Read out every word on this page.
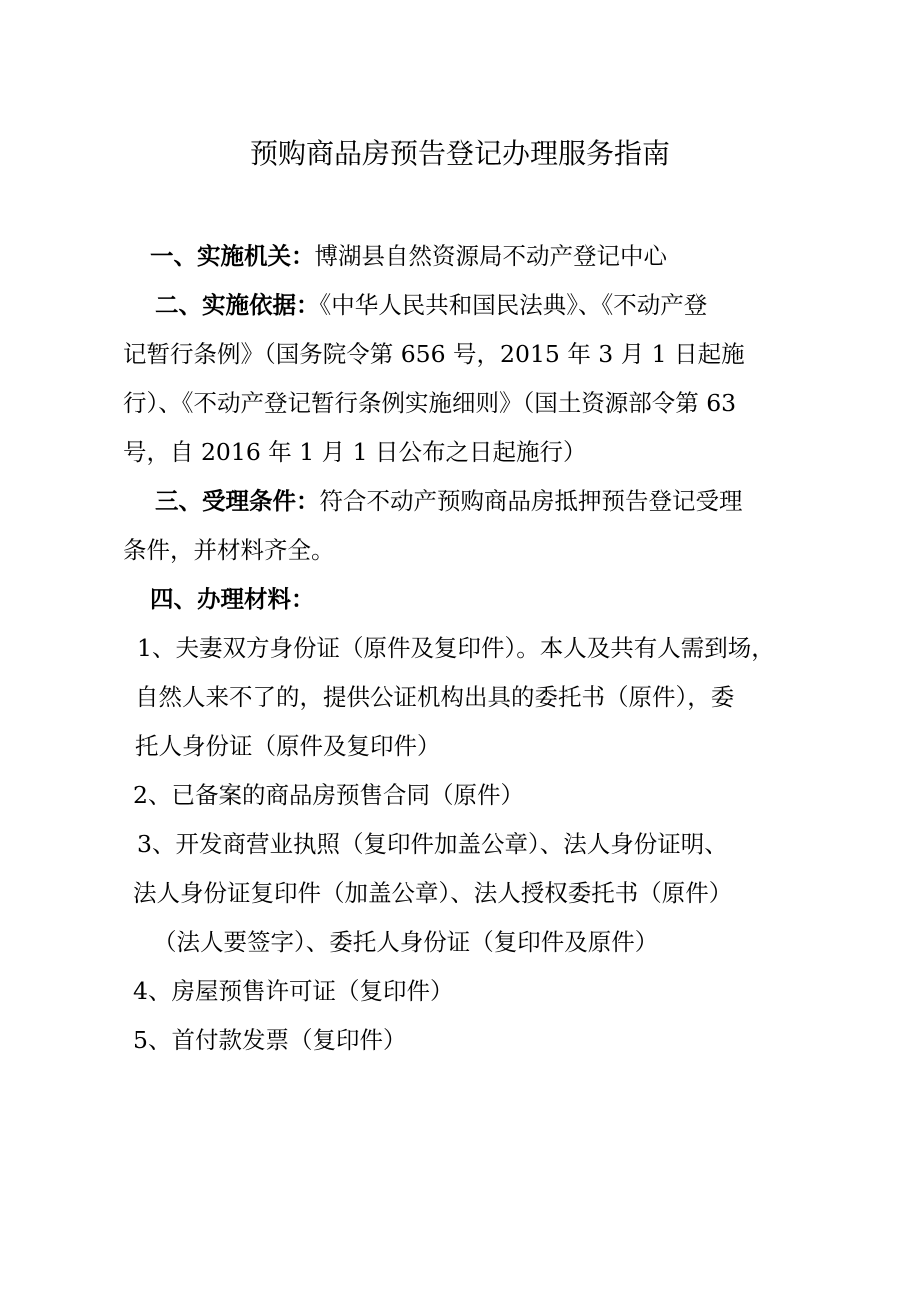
预购商品房预告登记办理服务指南
一、实施机关：博湖县自然资源局不动产登记中心
二、实施依据：《中华人民共和国民法典》、《不动产登
记暂行条例》（国务院令第 656 号，2015 年 3 月 1 日起施
行）、《不动产登记暂行条例实施细则》（国土资源部令第 63
号，自 2016 年 1 月 1 日公布之日起施行）
三、受理条件：符合不动产预购商品房抵押预告登记受理
条件，并材料齐全。
四、办理材料：
1、夫妻双方身份证（原件及复印件）。本人及共有人需到场，
自然人来不了的，提供公证机构出具的委托书（原件），委
托人身份证（原件及复印件）
2、已备案的商品房预售合同（原件）
3、开发商营业执照（复印件加盖公章）、法人身份证明、
法人身份证复印件（加盖公章）、法人授权委托书（原件）
（法人要签字）、委托人身份证（复印件及原件）
4、房屋预售许可证（复印件）
5、首付款发票（复印件）
